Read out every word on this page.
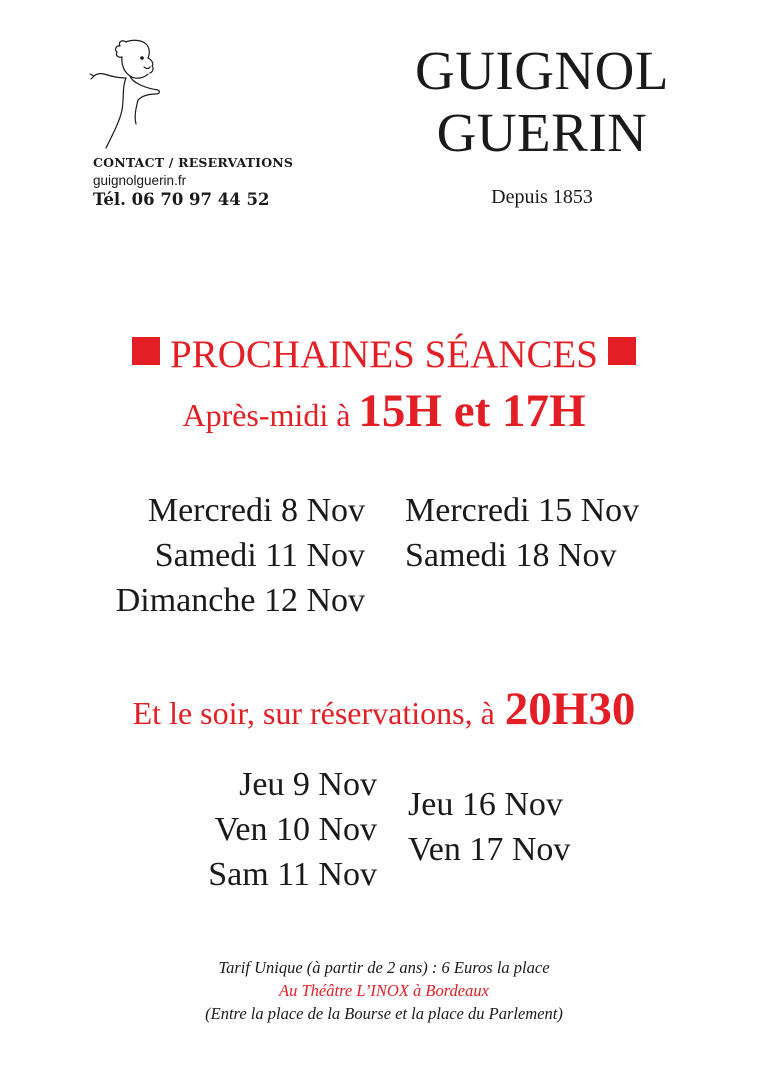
CONTACT / RESERVATIONS
guignolguerin.fr
Tél. 06 70 97 44 52
GUIGNOL
GUERIN
Depuis 1853
PROCHAINES SÉANCES
Après-midi à 15H et 17H
Mercredi 8 Nov
Samedi 11 Nov
Dimanche 12 Nov
Mercredi 15 Nov
Samedi 18 Nov
Et le soir, sur réservations, à 20H30
Jeu 9 Nov
Ven 10 Nov
Sam 11 Nov
Jeu 16 Nov
Ven 17 Nov
Tarif Unique (à partir de 2 ans) : 6 Euros la place
Au Théâtre L’INOX à Bordeaux
(Entre la place de la Bourse et la place du Parlement)
